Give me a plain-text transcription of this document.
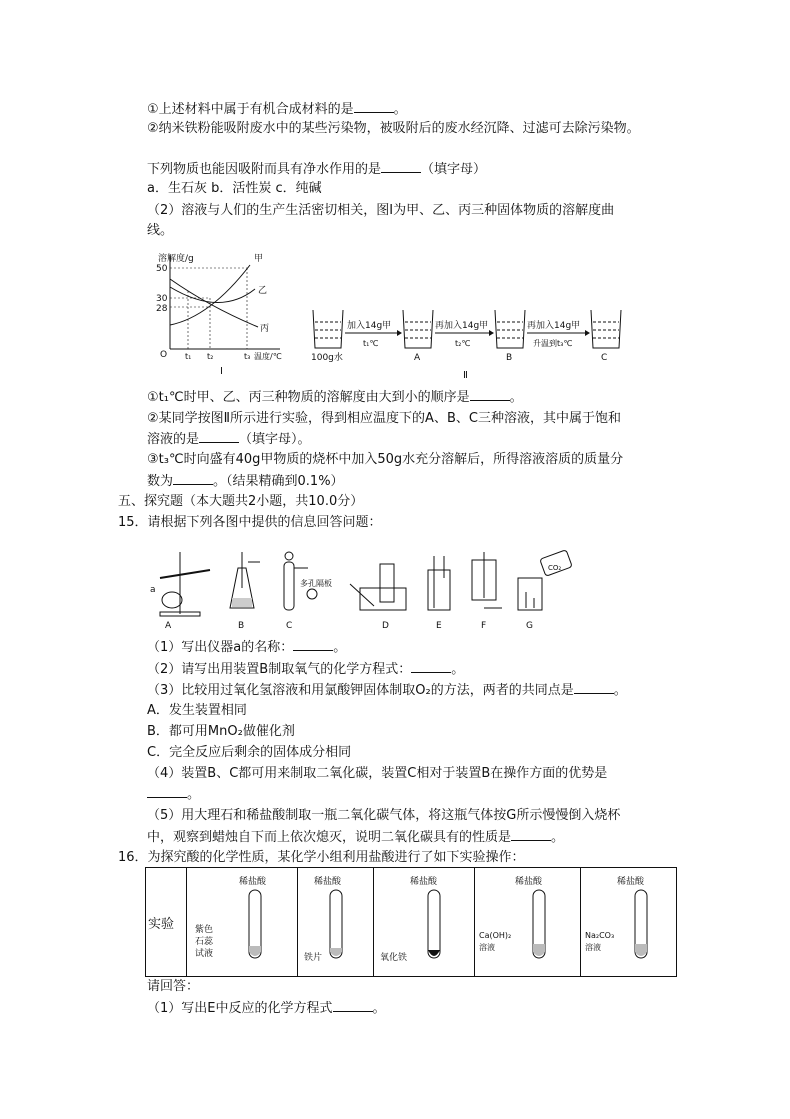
①上述材料中属于有机合成材料的是	。
②纳米铁粉能吸附废水中的某些污染物，被吸附后的废水经沉降、过滤可去除污染物。
下列物质也能因吸附而具有净水作用的是	（填字母）
a．生石灰 b．活性炭 c．纯碱
（2）溶液与人们的生产生活密切相关，图Ⅰ为甲、乙、丙三种固体物质的溶解度曲
线。
溶解度/g
50
30
28
O
甲
乙
丙
t₁ t₂	t₃ 温度/℃
Ⅰ
100g水
加入14g甲
t₁℃
A
再加入14g甲
t₂℃
B
再加入14g甲
升温到t₃℃
C
Ⅱ
①t₁℃时甲、乙、丙三种物质的溶解度由大到小的顺序是	。
②某同学按图Ⅱ所示进行实验，得到相应温度下的A、B、C三种溶液，其中属于饱和
溶液的是	（填字母）。
③t₃℃时向盛有40g甲物质的烧杯中加入50g水充分溶解后，所得溶液溶质的质量分
数为	。（结果精确到0.1%）
五、探究题（本大题共2小题，共10.0分）
15．请根据下列各图中提供的信息回答问题：
a
多孔隔板
CO₂
A	B	C	D	E	F	G
（1）写出仪器a的名称：	。
（2）请写出用装置B制取氧气的化学方程式：	。
（3）比较用过氧化氢溶液和用氯酸钾固体制取O₂的方法，两者的共同点是	。
A．发生装置相同
B．都可用MnO₂做催化剂
C．完全反应后剩余的固体成分相同
（4）装置B、C都可用来制取二氧化碳，装置C相对于装置B在操作方面的优势是
。
（5）用大理石和稀盐酸制取一瓶二氧化碳气体，将这瓶气体按G所示慢慢倒入烧杯
中，观察到蜡烛自下而上依次熄灭，说明二氧化碳具有的性质是	。
16．为探究酸的化学性质，某化学小组利用盐酸进行了如下实验操作：
实验	
稀盐酸
紫色
石蕊
试液

稀盐酸
铁片

稀盐酸
氧化铁

稀盐酸
Ca(OH)₂
溶液

稀盐酸
Na₂CO₃
溶液
请回答：
（1）写出E中反应的化学方程式	。
